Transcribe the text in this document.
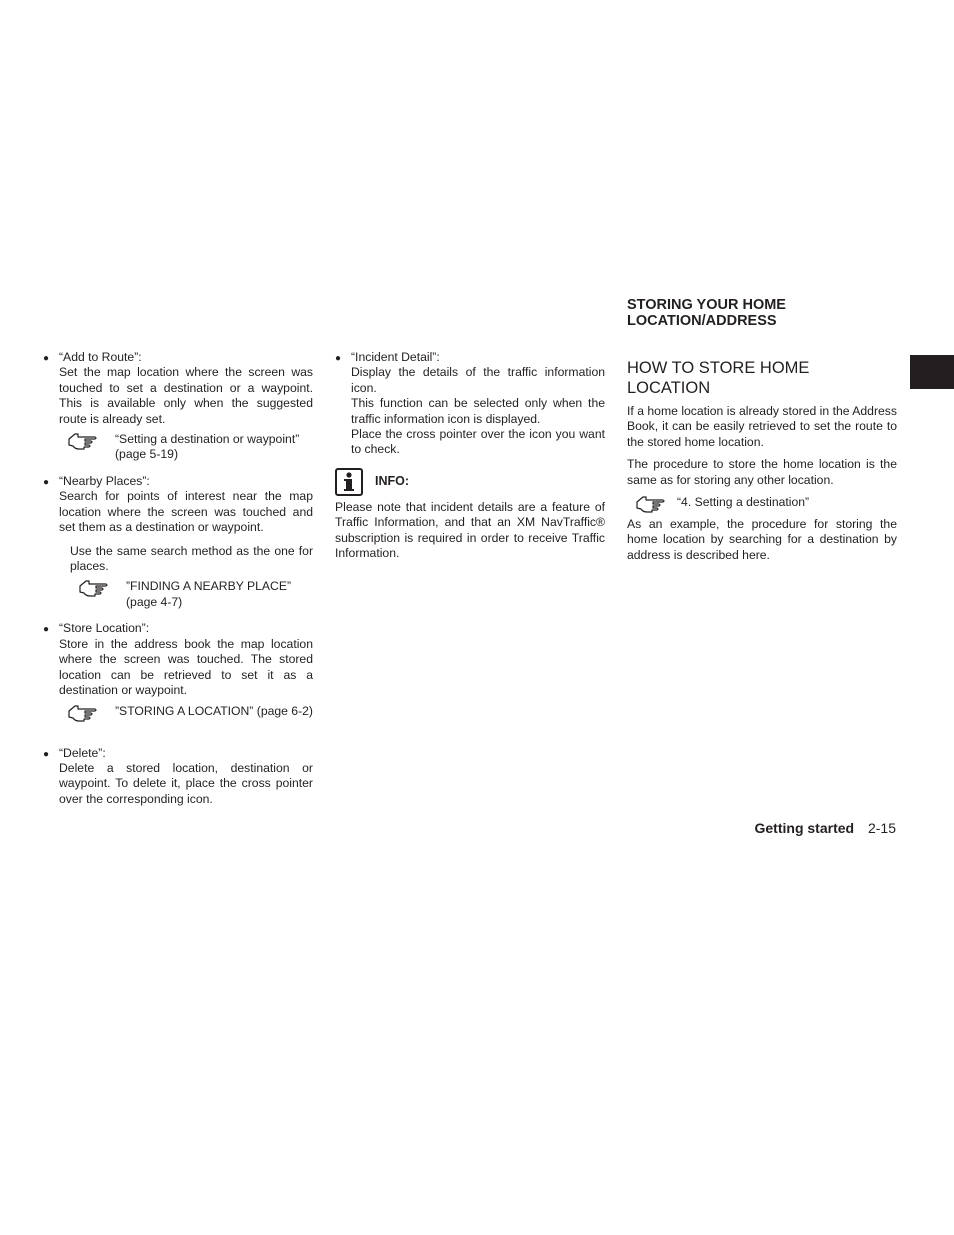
● “Add to Route”:
Set the map location where the screen was touched to set a destination or a waypoint. This is available only when the suggested route is already set.
“Setting a destination or waypoint” (page 5-19)
● “Nearby Places”:
Search for points of interest near the map location where the screen was touched and set them as a destination or waypoint.
Use the same search method as the one for places.
”FINDING A NEARBY PLACE” (page 4-7)
● “Store Location”:
Store in the address book the map location where the screen was touched. The stored location can be retrieved to set it as a destination or waypoint.
”STORING A LOCATION” (page 6-2)
● “Delete”:
Delete a stored location, destination or waypoint. To delete it, place the cross pointer over the corresponding icon.
● “Incident Detail”:
Display the details of the traffic information icon.
This function can be selected only when the traffic information icon is displayed.
Place the cross pointer over the icon you want to check.
INFO:
Please note that incident details are a feature of Traffic Information, and that an XM NavTraffic® subscription is required in order to receive Traffic Information.
STORING YOUR HOME LOCATION/ADDRESS
HOW TO STORE HOME LOCATION
If a home location is already stored in the Address Book, it can be easily retrieved to set the route to the stored home location.
The procedure to store the home location is the same as for storing any other location.
“4. Setting a destination”
As an example, the procedure for storing the home location by searching for a destination by address is described here.
Getting started 2-15
